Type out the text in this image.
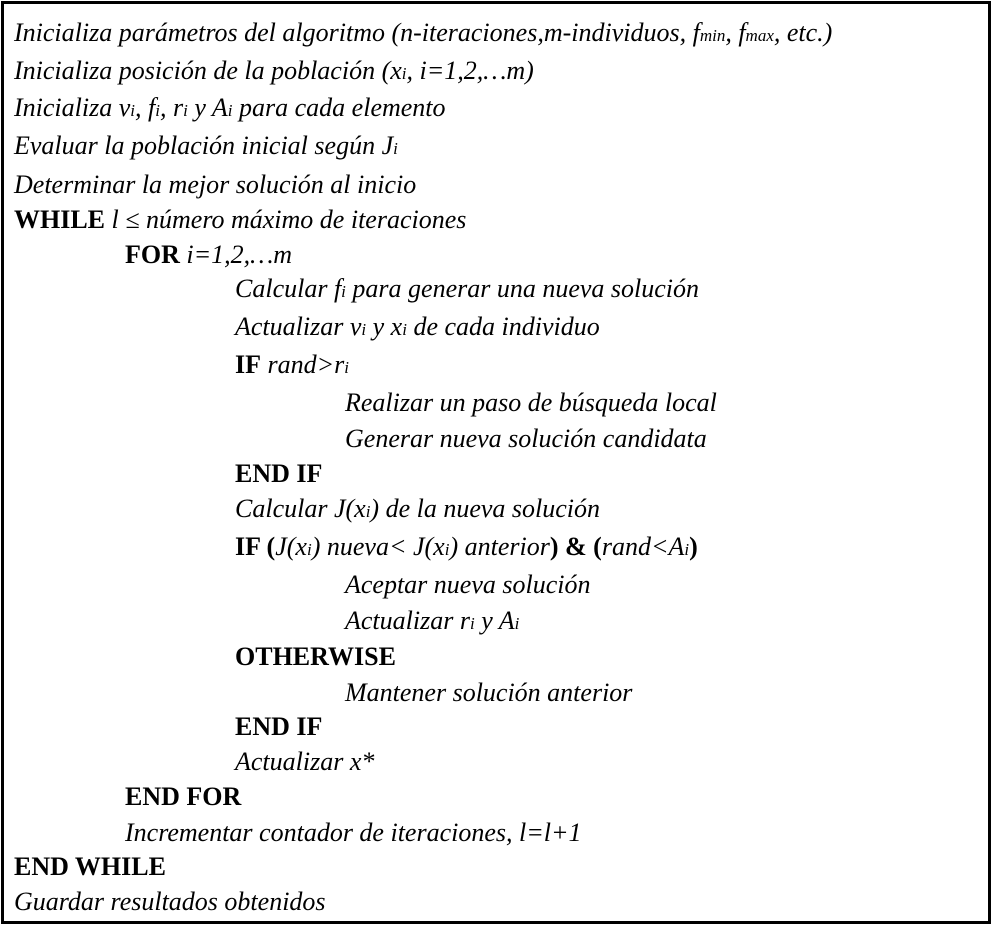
Inicializa parámetros del algoritmo (n-iteraciones,m-individuos, fmin, fmax, etc.)
Inicializa posición de la población (xi, i=1,2,…m)
Inicializa vi, fi, ri y Ai para cada elemento
Evaluar la población inicial según Ji
Determinar la mejor solución al inicio
WHILE l ≤ número máximo de iteraciones
FOR i=1,2,…m
Calcular fi para generar una nueva solución
Actualizar vi y xi de cada individuo
IF rand>ri
Realizar un paso de búsqueda local
Generar nueva solución candidata
END IF
Calcular J(xi) de la nueva solución
IF (J(xi) nueva< J(xi) anterior) & (rand<Ai)
Aceptar nueva solución
Actualizar ri y Ai
OTHERWISE
Mantener solución anterior
END IF
Actualizar x*
END FOR
Incrementar contador de iteraciones, l=l+1
END WHILE
Guardar resultados obtenidos
